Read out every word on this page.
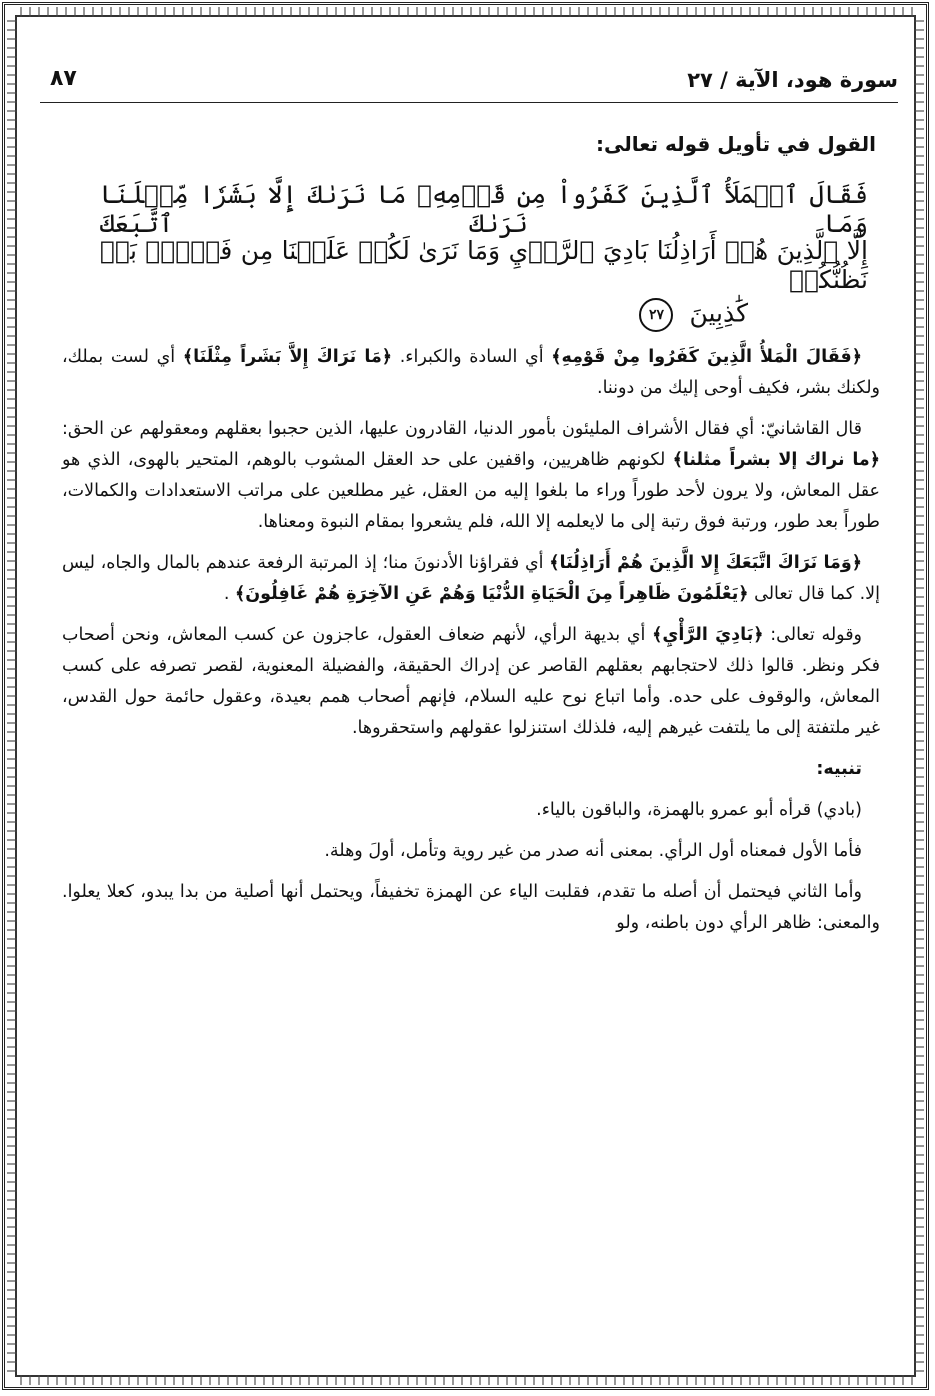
سورة هود، الآية / ٢٧
٨٧
القول في تأويل قوله تعالى:
فَقَالَ ٱلۡمَلَأُ ٱلَّذِينَ كَفَرُواْ مِن قَوۡمِهِۦ مَا نَرَىٰكَ إِلَّا بَشَرٗا مِّثۡلَنَا وَمَا نَرَىٰكَ ٱتَّبَعَكَ
إِلَّا ٱلَّذِينَ هُمۡ أَرَاذِلُنَا بَادِيَ ٱلرَّأۡيِ وَمَا نَرَىٰ لَكُمۡ عَلَيۡنَا مِن فَضۡلِۭ بَلۡ نَظُنُّكُمۡ
كَٰذِبِينَ ٢٧

﴿فَقَالَ الْمَلأُ الَّذِينَ كَفَرُوا مِنْ قَوْمِهِ﴾ أي السادة والكبراء. ﴿مَا نَرَاكَ إِلاَّ بَشَراً مِثْلَنَا﴾ أي لست بملك، ولكنك بشر، فكيف أوحى إليك من دوننا.

قال القاشانيّ: أي فقال الأشراف المليئون بأمور الدنيا، القادرون عليها، الذين حجبوا بعقلهم ومعقولهم عن الحق: ﴿ما نراك إلا بشراً مثلنا﴾ لكونهم ظاهريين، واقفين على حد العقل المشوب بالوهم، المتحير بالهوى، الذي هو عقل المعاش، ولا يرون لأحد طوراً وراء ما بلغوا إليه من العقل، غير مطلعين على مراتب الاستعدادات والكمالات، طوراً بعد طور، ورتبة فوق رتبة إلى ما لايعلمه إلا الله، فلم يشعروا بمقام النبوة ومعناها.

﴿وَمَا نَرَاكَ اتَّبَعَكَ إِلا الَّذِينَ هُمْ أَرَاذِلُنَا﴾ أي فقراؤنا الأدنونَ منا؛ إذ المرتبة الرفعة عندهم بالمال والجاه، ليس إلا. كما قال تعالى ﴿يَعْلَمُونَ ظَاهِراً مِنَ الْحَيَاةِ الدُّنْيَا وَهُمْ عَنِ الآخِرَةِ هُمْ غَافِلُونَ﴾ .

وقوله تعالى: ﴿بَادِيَ الرَّأْيِ﴾ أي بديهة الرأي، لأنهم ضعاف العقول، عاجزون عن كسب المعاش، ونحن أصحاب فكر ونظر. قالوا ذلك لاحتجابهم بعقلهم القاصر عن إدراك الحقيقة، والفضيلة المعنوية، لقصر تصرفه على كسب المعاش، والوقوف على حده. وأما اتباع نوح عليه السلام، فإنهم أصحاب همم بعيدة، وعقول حائمة حول القدس، غير ملتفتة إلى ما يلتفت غيرهم إليه، فلذلك استنزلوا عقولهم واستحقروها.

تنبيه:

(بادي) قرأه أبو عمرو بالهمزة، والباقون بالياء.

فأما الأول فمعناه أول الرأي. بمعنى أنه صدر من غير روية وتأمل، أولَ وهلة.

وأما الثاني فيحتمل أن أصله ما تقدم، فقلبت الياء عن الهمزة تخفيفاً، ويحتمل أنها أصلية من بدا يبدو، كعلا يعلوا. والمعنى: ظاهر الرأي دون باطنه، ولو
